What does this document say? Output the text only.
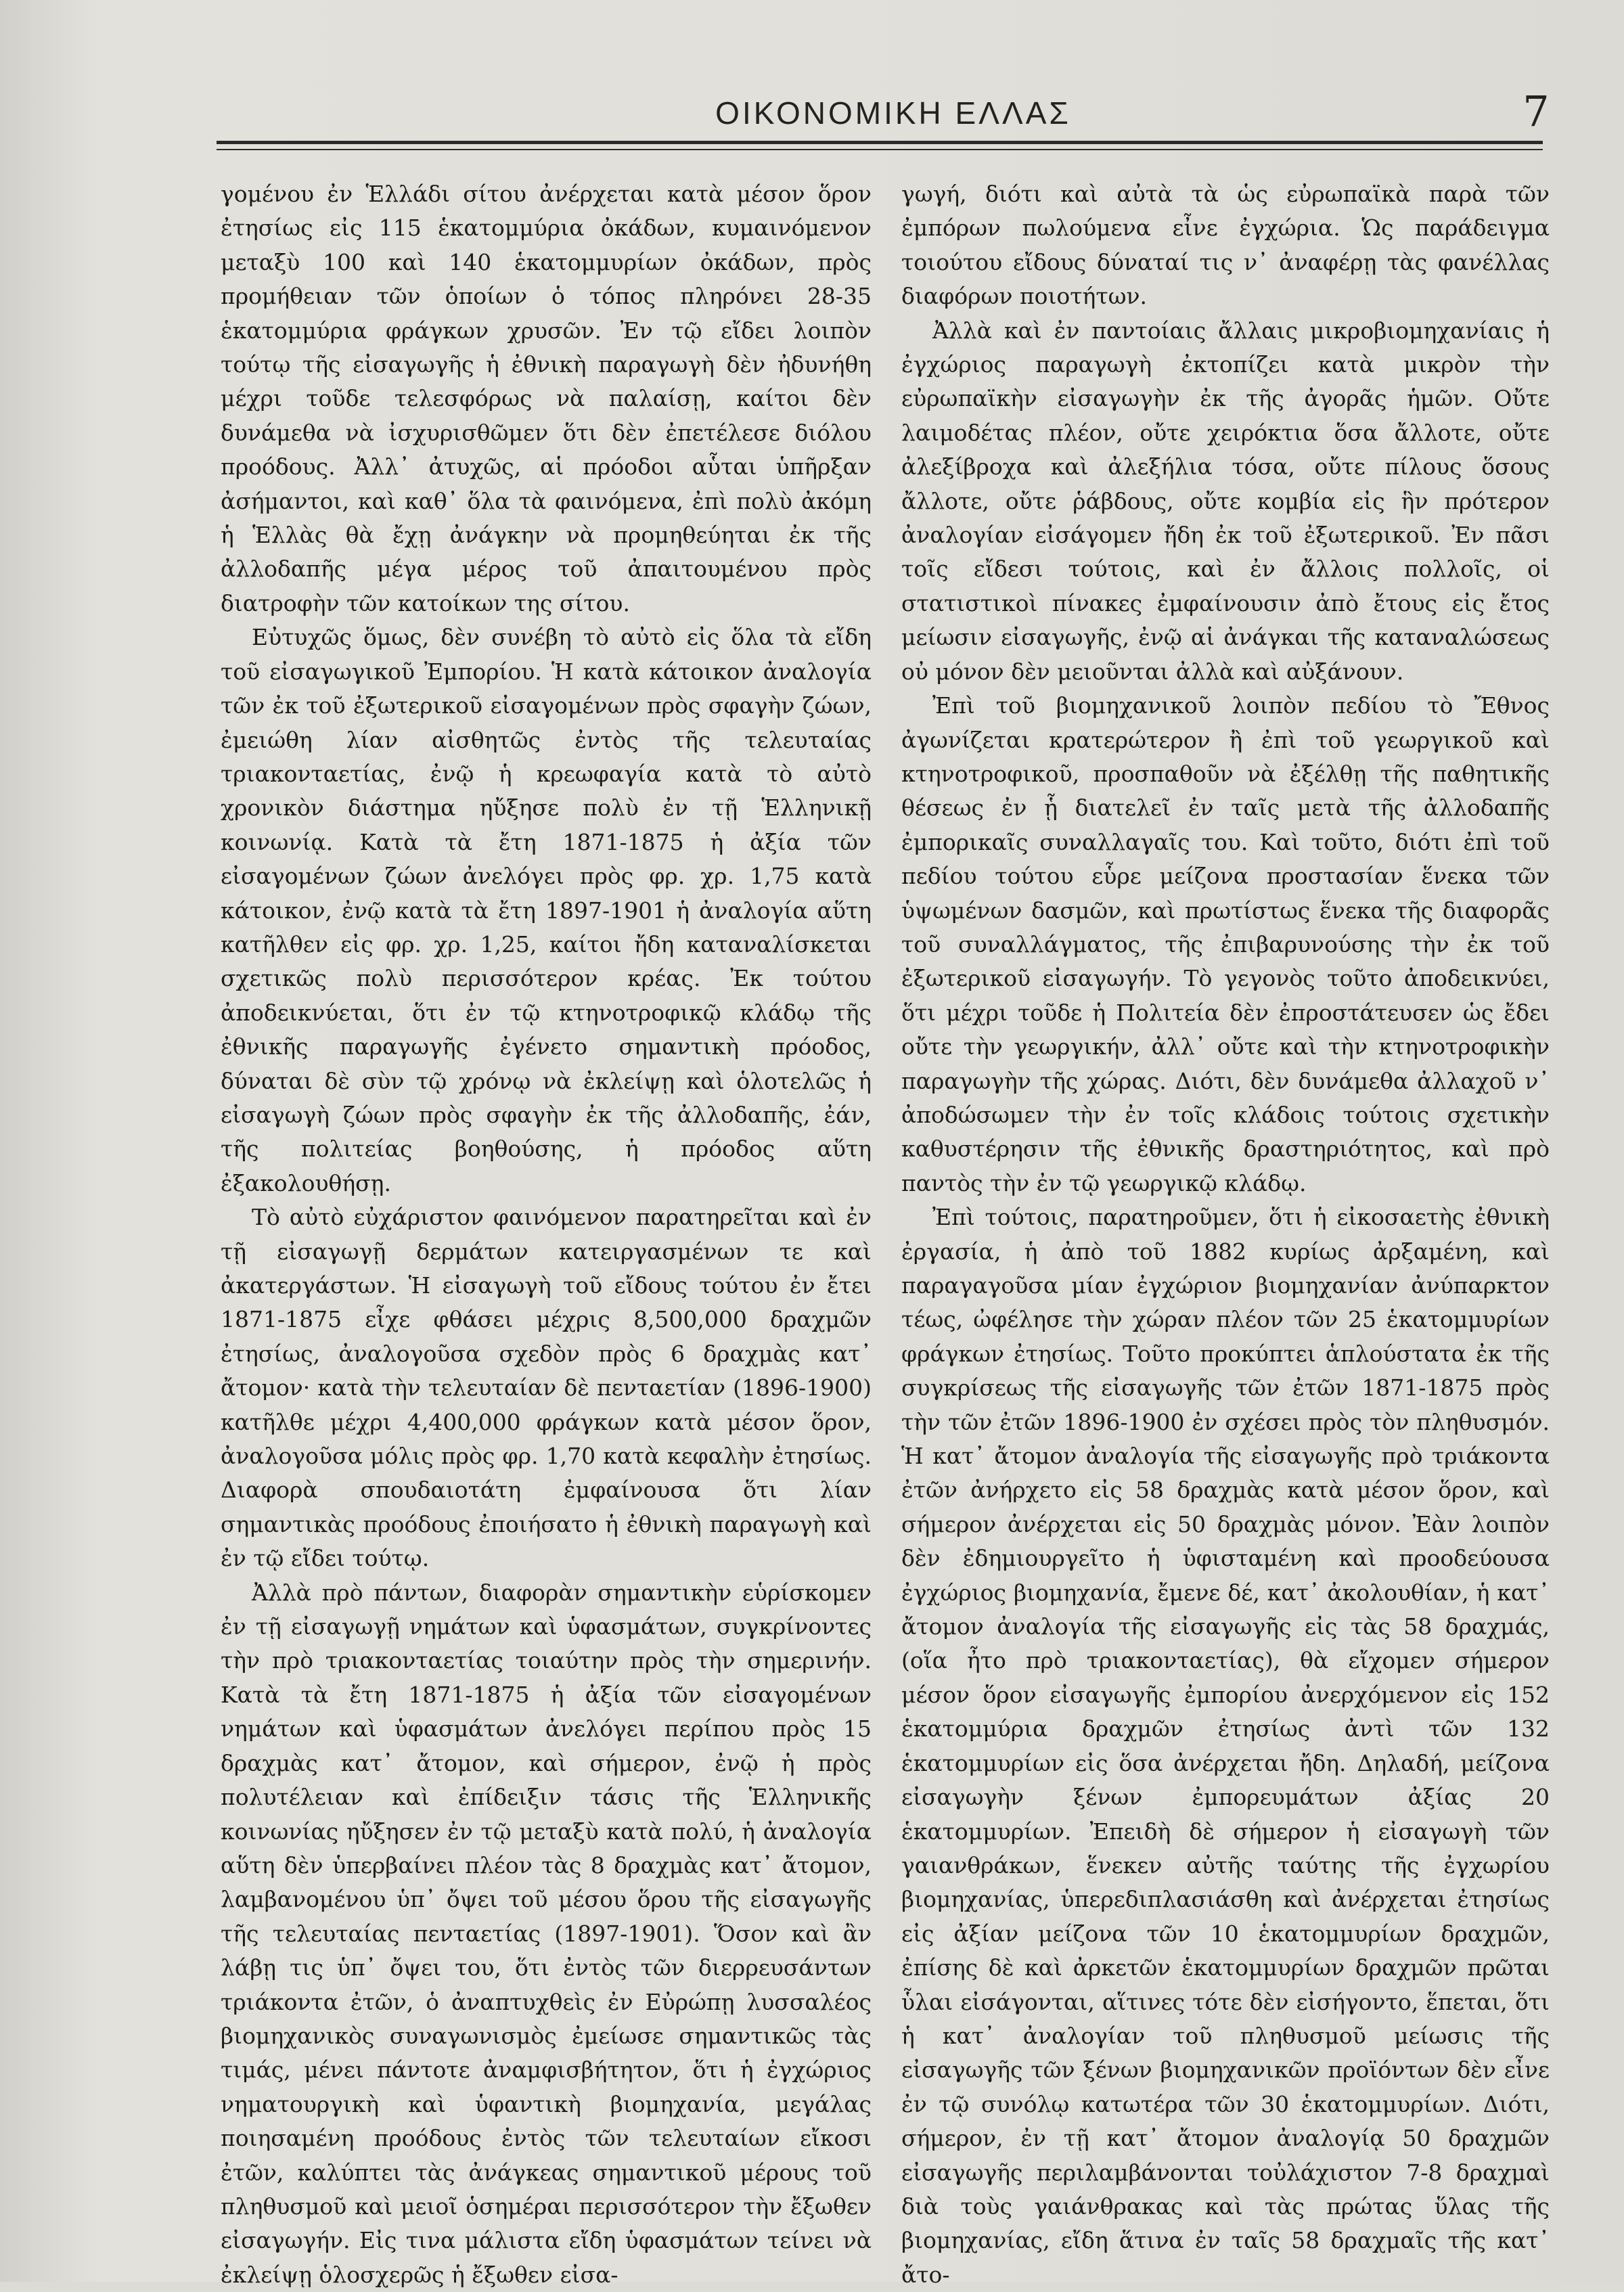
ΟΙΚΟΝΟΜΙΚΗ ΕΛΛΑΣ	7

γομένου ἐν Ἑλλάδι σίτου ἀνέρχεται κατὰ μέσον ὅρον ἐτησίως εἰς 115 ἑκατομμύρια ὀκάδων, κυμαινόμενον μεταξὺ 100 καὶ 140 ἑκατομμυρίων ὀκάδων, πρὸς προμήθειαν τῶν ὁποίων ὁ τόπος πληρόνει 28-35 ἑκατομμύρια φράγκων χρυσῶν. Ἐν τῷ εἴδει λοιπὸν τούτῳ τῆς εἰσαγωγῆς ἡ ἐθνικὴ παραγωγὴ δὲν ἠδυνήθη μέχρι τοῦδε τελεσφόρως νὰ παλαίσῃ, καίτοι δὲν δυνάμεθα νὰ ἰσχυρισθῶμεν ὅτι δὲν ἐπετέλεσε διόλου προόδους. Ἀλλ᾿ ἀτυχῶς, αἱ πρόοδοι αὗται ὑπῆρξαν ἀσήμαντοι, καὶ καθ᾿ ὅλα τὰ φαινόμενα, ἐπὶ πολὺ ἀκόμη ἡ Ἑλλὰς θὰ ἔχῃ ἀνάγκην νὰ προμηθεύηται ἐκ τῆς ἀλλοδαπῆς μέγα μέρος τοῦ ἀπαιτουμένου πρὸς διατροφὴν τῶν κατοίκων της σίτου.

Εὐτυχῶς ὅμως, δὲν συνέβη τὸ αὐτὸ εἰς ὅλα τὰ εἴδη τοῦ εἰσαγωγικοῦ Ἐμπορίου. Ἡ κατὰ κάτοικον ἀναλογία τῶν ἐκ τοῦ ἐξωτερικοῦ εἰσαγομένων πρὸς σφαγὴν ζώων, ἐμειώθη λίαν αἰσθητῶς ἐντὸς τῆς τελευταίας τριακονταετίας, ἐνῷ ἡ κρεωφαγία κατὰ τὸ αὐτὸ χρονικὸν διάστημα ηὔξησε πολὺ ἐν τῇ Ἑλληνικῇ κοινωνίᾳ. Κατὰ τὰ ἔτη 1871-1875 ἡ ἀξία τῶν εἰσαγομένων ζώων ἀνελόγει πρὸς φρ. χρ. 1,75 κατὰ κάτοικον, ἐνῷ κατὰ τὰ ἔτη 1897-1901 ἡ ἀναλογία αὕτη κατῆλθεν εἰς φρ. χρ. 1,25, καίτοι ἤδη καταναλίσκεται σχετικῶς πολὺ περισσότερον κρέας. Ἐκ τούτου ἀποδεικνύεται, ὅτι ἐν τῷ κτηνοτροφικῷ κλάδῳ τῆς ἐθνικῆς παραγωγῆς ἐγένετο σημαντικὴ πρόοδος, δύναται δὲ σὺν τῷ χρόνῳ νὰ ἐκλείψῃ καὶ ὁλοτελῶς ἡ εἰσαγωγὴ ζώων πρὸς σφαγὴν ἐκ τῆς ἀλλοδαπῆς, ἐάν, τῆς πολιτείας βοηθούσης, ἡ πρόοδος αὕτη ἐξακολουθήσῃ.

Τὸ αὐτὸ εὐχάριστον φαινόμενον παρατηρεῖται καὶ ἐν τῇ εἰσαγωγῇ δερμάτων κατειργασμένων τε καὶ ἀκατεργάστων. Ἡ εἰσαγωγὴ τοῦ εἴδους τούτου ἐν ἔτει 1871-1875 εἶχε φθάσει μέχρις 8,500,000 δραχμῶν ἐτησίως, ἀναλογοῦσα σχεδὸν πρὸς 6 δραχμὰς κατ᾿ ἄτομον· κατὰ τὴν τελευταίαν δὲ πενταετίαν (1896-1900) κατῆλθε μέχρι 4,400,000 φράγκων κατὰ μέσον ὅρον, ἀναλογοῦσα μόλις πρὸς φρ. 1,70 κατὰ κεφαλὴν ἐτησίως. Διαφορὰ σπουδαιοτάτη ἐμφαίνουσα ὅτι λίαν σημαντικὰς προόδους ἐποιήσατο ἡ ἐθνικὴ παραγωγὴ καὶ ἐν τῷ εἴδει τούτῳ.

Ἀλλὰ πρὸ πάντων, διαφορὰν σημαντικὴν εὑρίσκομεν ἐν τῇ εἰσαγωγῇ νημάτων καὶ ὑφασμάτων, συγκρίνοντες τὴν πρὸ τριακονταετίας τοιαύτην πρὸς τὴν σημερινήν. Κατὰ τὰ ἔτη 1871-1875 ἡ ἀξία τῶν εἰσαγομένων νημάτων καὶ ὑφασμάτων ἀνελόγει περίπου πρὸς 15 δραχμὰς κατ᾿ ἄτομον, καὶ σήμερον, ἐνῷ ἡ πρὸς πολυτέλειαν καὶ ἐπίδειξιν τάσις τῆς Ἑλληνικῆς κοινωνίας ηὔξησεν ἐν τῷ μεταξὺ κατὰ πολύ, ἡ ἀναλογία αὕτη δὲν ὑπερβαίνει πλέον τὰς 8 δραχμὰς κατ᾿ ἄτομον, λαμβανομένου ὑπ᾿ ὄψει τοῦ μέσου ὅρου τῆς εἰσαγωγῆς τῆς τελευταίας πενταετίας (1897-1901). Ὅσον καὶ ἂν λάβῃ τις ὑπ᾿ ὄψει του, ὅτι ἐντὸς τῶν διερρευσάντων τριάκοντα ἐτῶν, ὁ ἀναπτυχθεὶς ἐν Εὐρώπῃ λυσσαλέος βιομηχανικὸς συναγωνισμὸς ἐμείωσε σημαντικῶς τὰς τιμάς, μένει πάντοτε ἀναμφισβήτητον, ὅτι ἡ ἐγχώριος νηματουργικὴ καὶ ὑφαντικὴ βιομηχανία, μεγάλας ποιησαμένη προόδους ἐντὸς τῶν τελευταίων εἴκοσι ἐτῶν, καλύπτει τὰς ἀνάγκεας σημαντικοῦ μέρους τοῦ πληθυσμοῦ καὶ μειοῖ ὁσημέραι περισσότερον τὴν ἔξωθεν εἰσαγωγήν. Εἰς τινα μάλιστα εἴδη ὑφασμάτων τείνει νὰ ἐκλείψῃ ὁλοσχερῶς ἡ ἔξωθεν εἰσα-

γωγή, διότι καὶ αὐτὰ τὰ ὡς εὐρωπαϊκὰ παρὰ τῶν ἐμπόρων πωλούμενα εἶνε ἐγχώρια. Ὡς παράδειγμα τοιούτου εἴδους δύναταί τις ν᾿ ἀναφέρῃ τὰς φανέλλας διαφόρων ποιοτήτων.

Ἀλλὰ καὶ ἐν παντοίαις ἄλλαις μικροβιομηχανίαις ἡ ἐγχώριος παραγωγὴ ἐκτοπίζει κατὰ μικρὸν τὴν εὐρωπαϊκὴν εἰσαγωγὴν ἐκ τῆς ἀγορᾶς ἡμῶν. Οὔτε λαιμοδέτας πλέον, οὔτε χειρόκτια ὅσα ἄλλοτε, οὔτε ἀλεξίβροχα καὶ ἀλεξήλια τόσα, οὔτε πίλους ὅσους ἄλλοτε, οὔτε ῥάβδους, οὔτε κομβία εἰς ἣν πρότερον ἀναλογίαν εἰσάγομεν ἤδη ἐκ τοῦ ἐξωτερικοῦ. Ἐν πᾶσι τοῖς εἴδεσι τούτοις, καὶ ἐν ἄλλοις πολλοῖς, οἱ στατιστικοὶ πίνακες ἐμφαίνουσιν ἀπὸ ἔτους εἰς ἔτος μείωσιν εἰσαγωγῆς, ἐνῷ αἱ ἀνάγκαι τῆς καταναλώσεως οὐ μόνον δὲν μειοῦνται ἀλλὰ καὶ αὐξάνουν.

Ἐπὶ τοῦ βιομηχανικοῦ λοιπὸν πεδίου τὸ Ἔθνος ἀγωνίζεται κρατερώτερον ἢ ἐπὶ τοῦ γεωργικοῦ καὶ κτηνοτροφικοῦ, προσπαθοῦν νὰ ἐξέλθῃ τῆς παθητικῆς θέσεως ἐν ᾗ διατελεῖ ἐν ταῖς μετὰ τῆς ἀλλοδαπῆς ἐμπορικαῖς συναλλαγαῖς του. Καὶ τοῦτο, διότι ἐπὶ τοῦ πεδίου τούτου εὗρε μείζονα προστασίαν ἕνεκα τῶν ὑψωμένων δασμῶν, καὶ πρωτίστως ἕνεκα τῆς διαφορᾶς τοῦ συναλλάγματος, τῆς ἐπιβαρυνούσης τὴν ἐκ τοῦ ἐξωτερικοῦ εἰσαγωγήν. Τὸ γεγονὸς τοῦτο ἀποδεικνύει, ὅτι μέχρι τοῦδε ἡ Πολιτεία δὲν ἐπροστάτευσεν ὡς ἔδει οὔτε τὴν γεωργικήν, ἀλλ᾿ οὔτε καὶ τὴν κτηνοτροφικὴν παραγωγὴν τῆς χώρας. Διότι, δὲν δυνάμεθα ἀλλαχοῦ ν᾿ ἀποδώσωμεν τὴν ἐν τοῖς κλάδοις τούτοις σχετικὴν καθυστέρησιν τῆς ἐθνικῆς δραστηριότητος, καὶ πρὸ παντὸς τὴν ἐν τῷ γεωργικῷ κλάδῳ.

Ἐπὶ τούτοις, παρατηροῦμεν, ὅτι ἡ εἰκοσαετὴς ἐθνικὴ ἐργασία, ἡ ἀπὸ τοῦ 1882 κυρίως ἀρξαμένη, καὶ παραγαγοῦσα μίαν ἐγχώριον βιομηχανίαν ἀνύπαρκτον τέως, ὠφέλησε τὴν χώραν πλέον τῶν 25 ἑκατομμυρίων φράγκων ἐτησίως. Τοῦτο προκύπτει ἁπλούστατα ἐκ τῆς συγκρίσεως τῆς εἰσαγωγῆς τῶν ἐτῶν 1871-1875 πρὸς τὴν τῶν ἐτῶν 1896-1900 ἐν σχέσει πρὸς τὸν πληθυσμόν. Ἡ κατ᾿ ἄτομον ἀναλογία τῆς εἰσαγωγῆς πρὸ τριάκοντα ἐτῶν ἀνήρχετο εἰς 58 δραχμὰς κατὰ μέσον ὅρον, καὶ σήμερον ἀνέρχεται εἰς 50 δραχμὰς μόνον. Ἐὰν λοιπὸν δὲν ἐδημιουργεῖτο ἡ ὑφισταμένη καὶ προοδεύουσα ἐγχώριος βιομηχανία, ἔμενε δέ, κατ᾿ ἀκολουθίαν, ἡ κατ᾿ ἄτομον ἀναλογία τῆς εἰσαγωγῆς εἰς τὰς 58 δραχμάς, (οἵα ἦτο πρὸ τριακονταετίας), θὰ εἴχομεν σήμερον μέσον ὅρον εἰσαγωγῆς ἐμπορίου ἀνερχόμενον εἰς 152 ἑκατομμύρια δραχμῶν ἐτησίως ἀντὶ τῶν 132 ἑκατομμυρίων εἰς ὅσα ἀνέρχεται ἤδη. Δηλαδή, μείζονα εἰσαγωγὴν ξένων ἐμπορευμάτων ἀξίας 20 ἑκατομμυρίων. Ἐπειδὴ δὲ σήμερον ἡ εἰσαγωγὴ τῶν γαιανθράκων, ἕνεκεν αὐτῆς ταύτης τῆς ἐγχωρίου βιομηχανίας, ὑπερεδιπλασιάσθη καὶ ἀνέρχεται ἐτησίως εἰς ἀξίαν μείζονα τῶν 10 ἑκατομμυρίων δραχμῶν, ἐπίσης δὲ καὶ ἀρκετῶν ἑκατομμυρίων δραχμῶν πρῶται ὗλαι εἰσάγονται, αἵτινες τότε δὲν εἰσήγοντο, ἕπεται, ὅτι ἡ κατ᾿ ἀναλογίαν τοῦ πληθυσμοῦ μείωσις τῆς εἰσαγωγῆς τῶν ξένων βιομηχανικῶν προϊόντων δὲν εἶνε ἐν τῷ συνόλῳ κατωτέρα τῶν 30 ἑκατομμυρίων. Διότι, σήμερον, ἐν τῇ κατ᾿ ἄτομον ἀναλογίᾳ 50 δραχμῶν εἰσαγωγῆς περιλαμβάνονται τοὐλάχιστον 7-8 δραχμαὶ διὰ τοὺς γαιάνθρακας καὶ τὰς πρώτας ὕλας τῆς βιομηχανίας, εἴδη ἅτινα ἐν ταῖς 58 δραχμαῖς τῆς κατ᾿ ἄτο-
